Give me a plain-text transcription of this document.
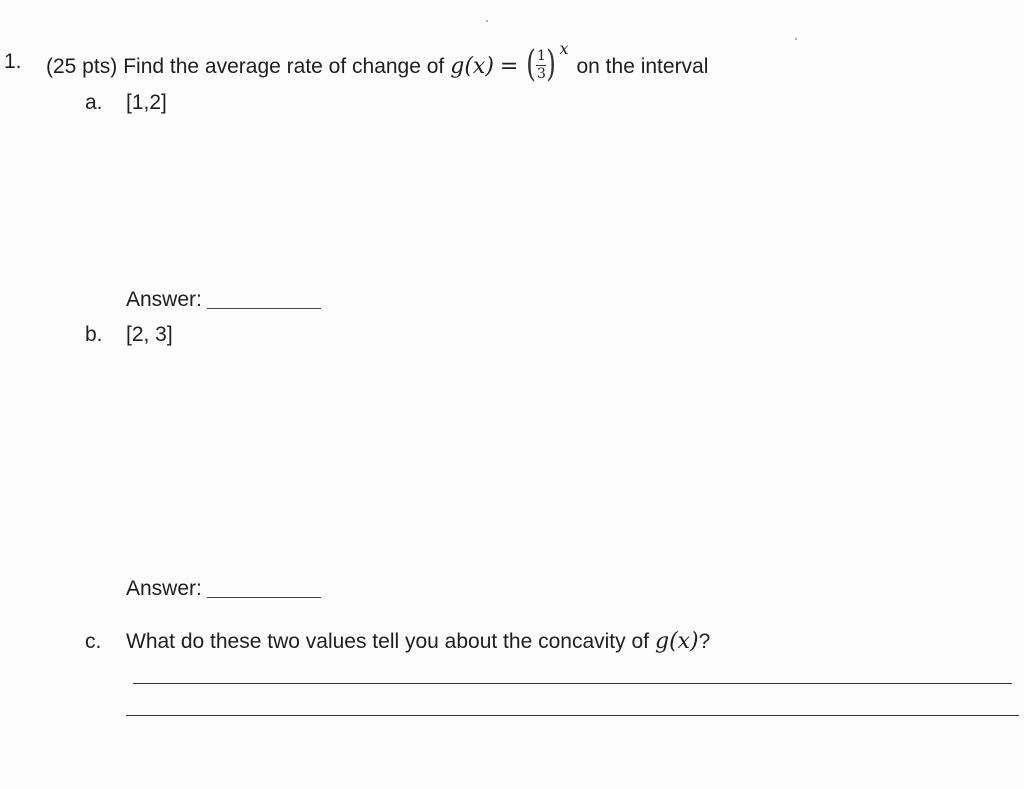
1. (25 pts) Find the average rate of change of g(x) = ( $\frac{1}{3}$ ) x
on the interval
a. [1,2]
Answer:
b. [2, 3]
Answer:
c. What do these two values tell you about the concavity of g(x) ?
